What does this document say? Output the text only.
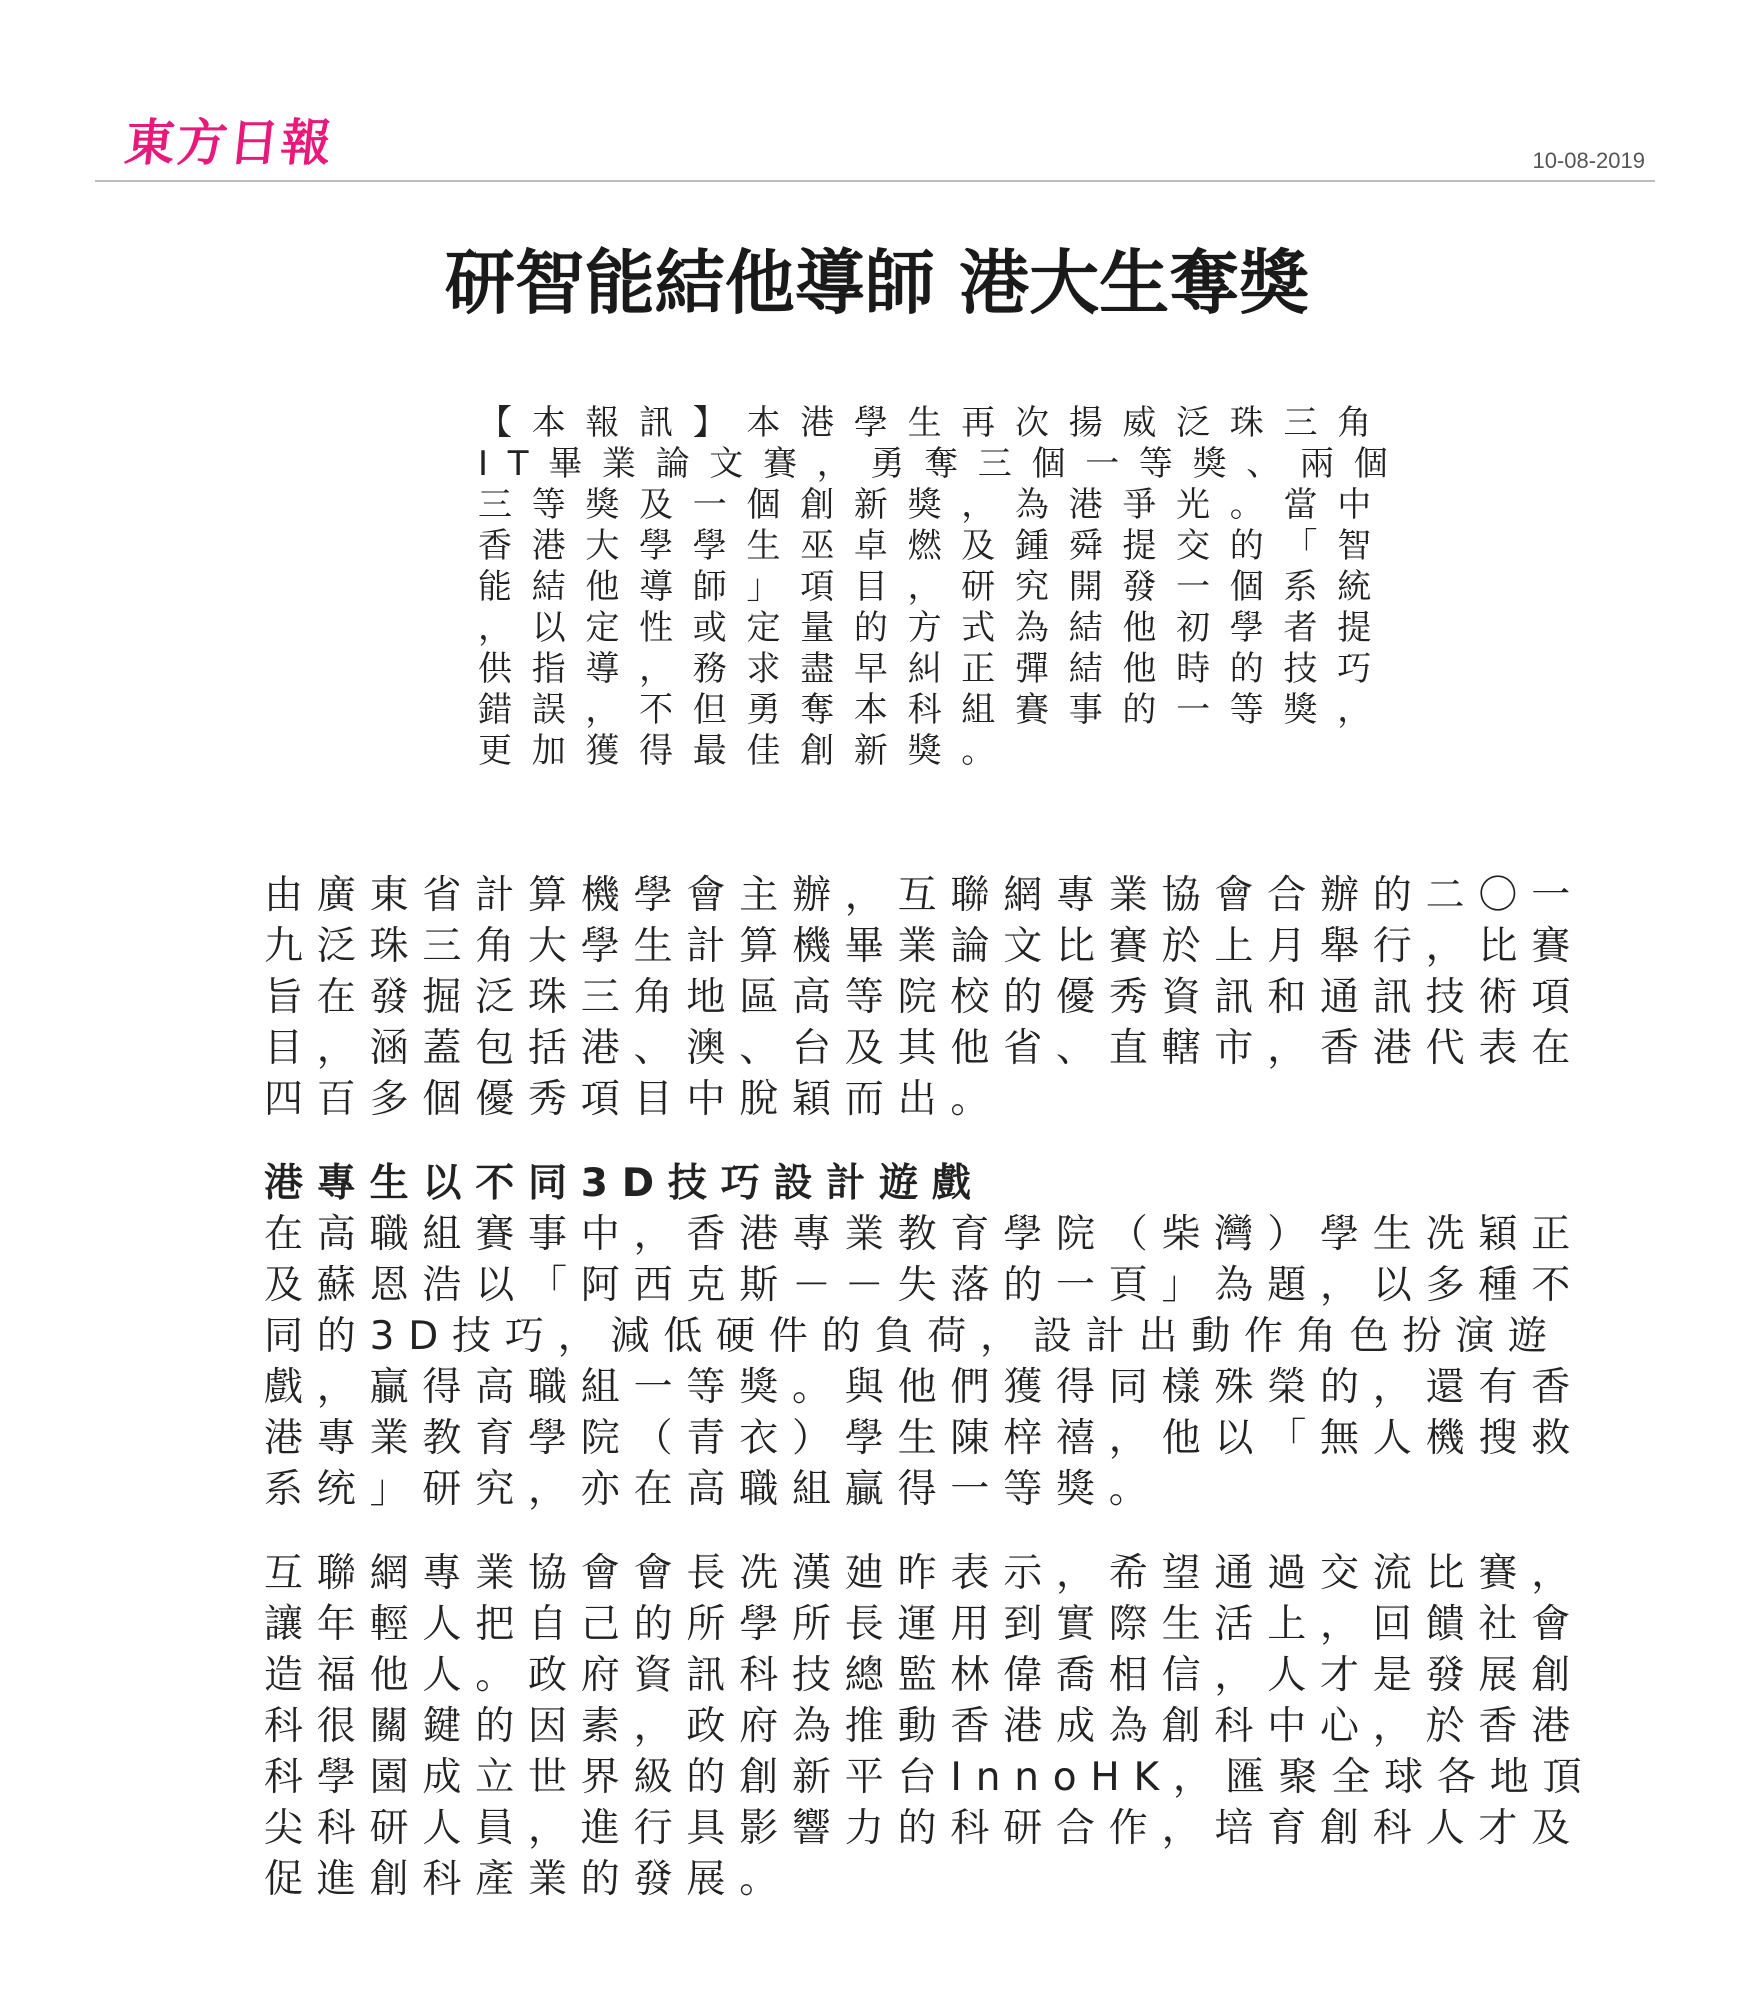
東方日報	10-08-2019
研智能結他導師 港大生奪獎
【本報訊】本港學生再次揚威泛珠三角
IT畢業論文賽，勇奪三個一等獎、兩個
三等獎及一個創新獎，為港爭光。當中
香港大學學生巫卓燃及鍾舜提交的「智
能結他導師」項目，研究開發一個系統
，以定性或定量的方式為結他初學者提
供指導，務求盡早糾正彈結他時的技巧
錯誤，不但勇奪本科組賽事的一等獎，
更加獲得最佳創新獎。
由廣東省計算機學會主辦，互聯網專業協會合辦的二〇一
九泛珠三角大學生計算機畢業論文比賽於上月舉行，比賽
旨在發掘泛珠三角地區高等院校的優秀資訊和通訊技術項
目，涵蓋包括港、澳、台及其他省、直轄市，香港代表在
四百多個優秀項目中脫穎而出。
港專生以不同3D技巧設計遊戲
在高職組賽事中，香港專業教育學院（柴灣）學生冼穎正
及蘇恩浩以「阿西克斯－－失落的一頁」為題，以多種不
同的3D技巧，減低硬件的負荷，設計出動作角色扮演遊
戲，贏得高職組一等獎。與他們獲得同樣殊榮的，還有香
港專業教育學院（青衣）學生陳梓禧，他以「無人機搜救
系统」研究，亦在高職組贏得一等獎。
互聯網專業協會會長冼漢廸昨表示，希望通過交流比賽，
讓年輕人把自己的所學所長運用到實際生活上，回饋社會
造福他人。政府資訊科技總監林偉喬相信，人才是發展創
科很關鍵的因素，政府為推動香港成為創科中心，於香港
科學園成立世界級的創新平台InnoHK，匯聚全球各地頂
尖科研人員，進行具影響力的科研合作，培育創科人才及
促進創科產業的發展。
